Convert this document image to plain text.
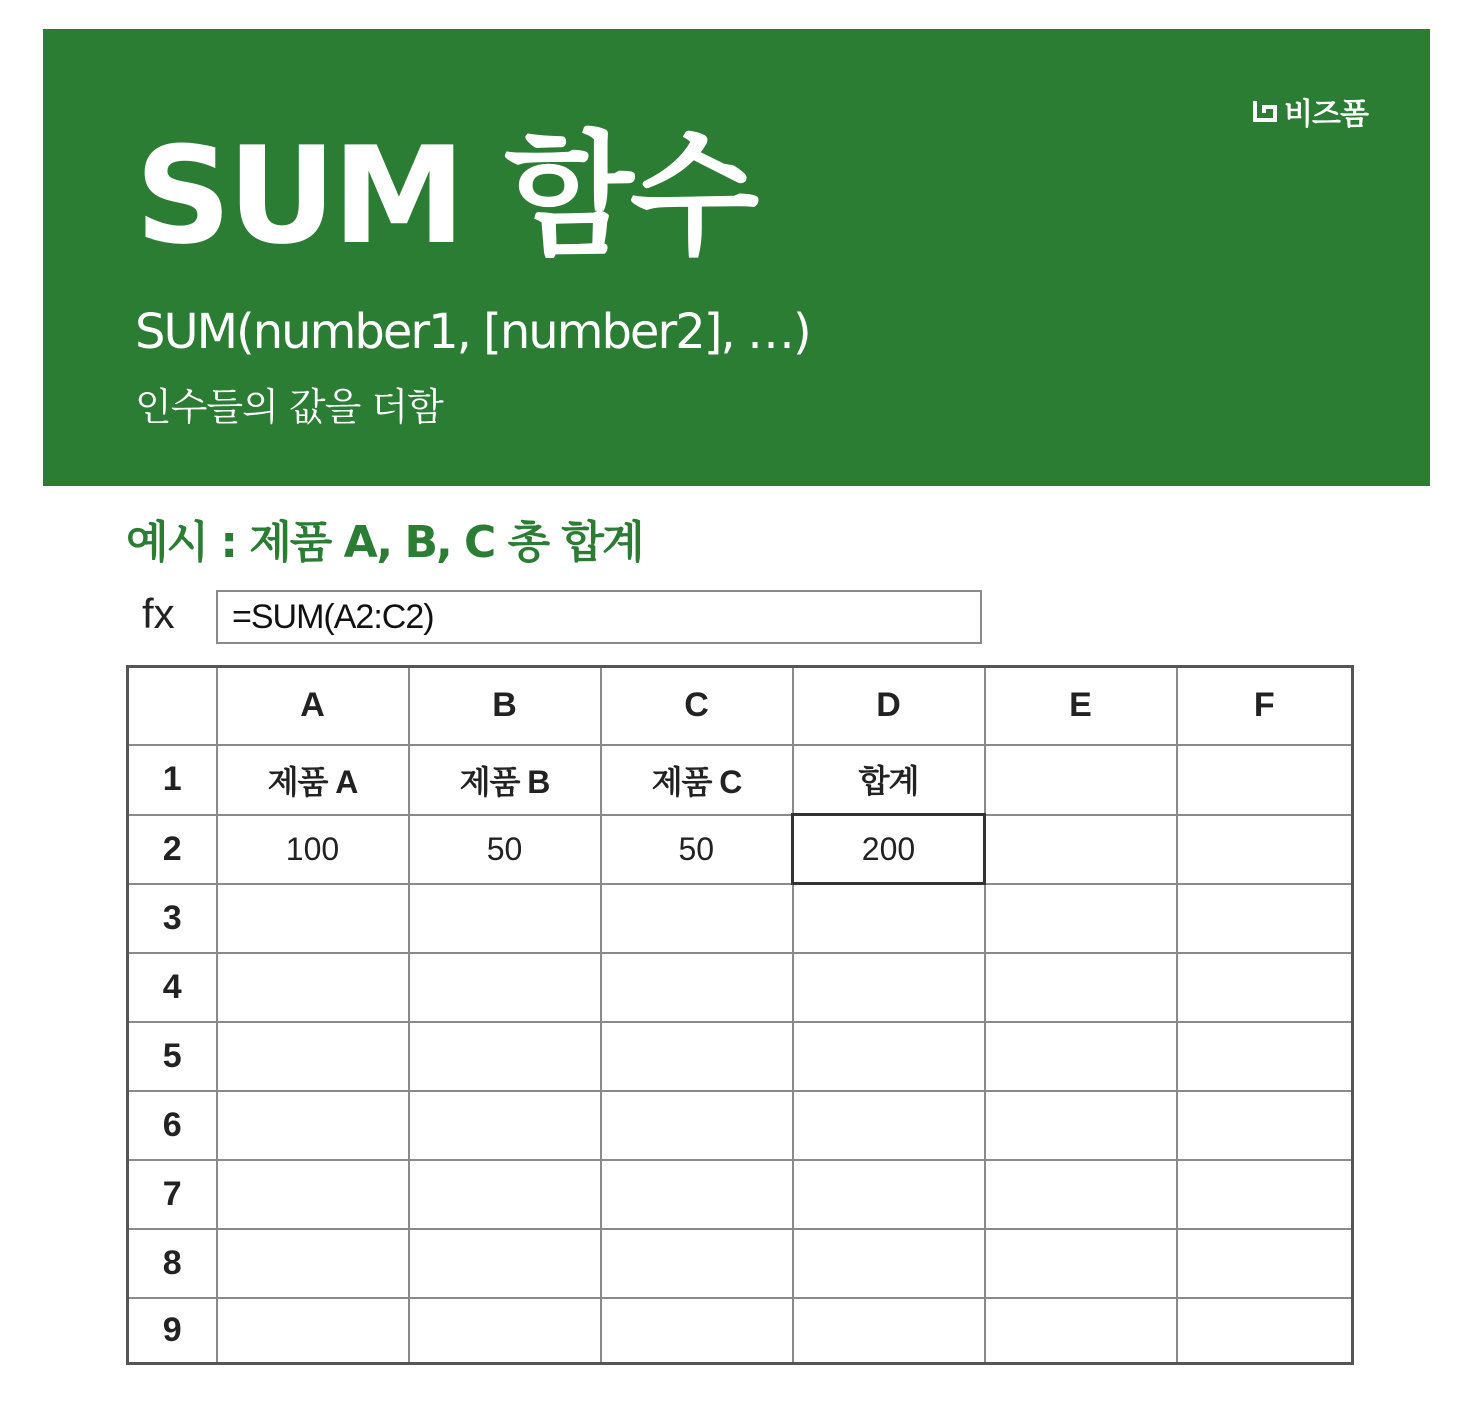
비즈폼
SUM 함수
SUM(number1, [number2], …)
인수들의 값을 더함
예시 : 제품 A, B, C 총 합계
fx =SUM(A2:C2)
	A	B	C	D	E	F
1	제품 A	제품 B	제품 C	합계		
2	100	50	50	200		
3						
4						
5						
6						
7						
8						
9						
